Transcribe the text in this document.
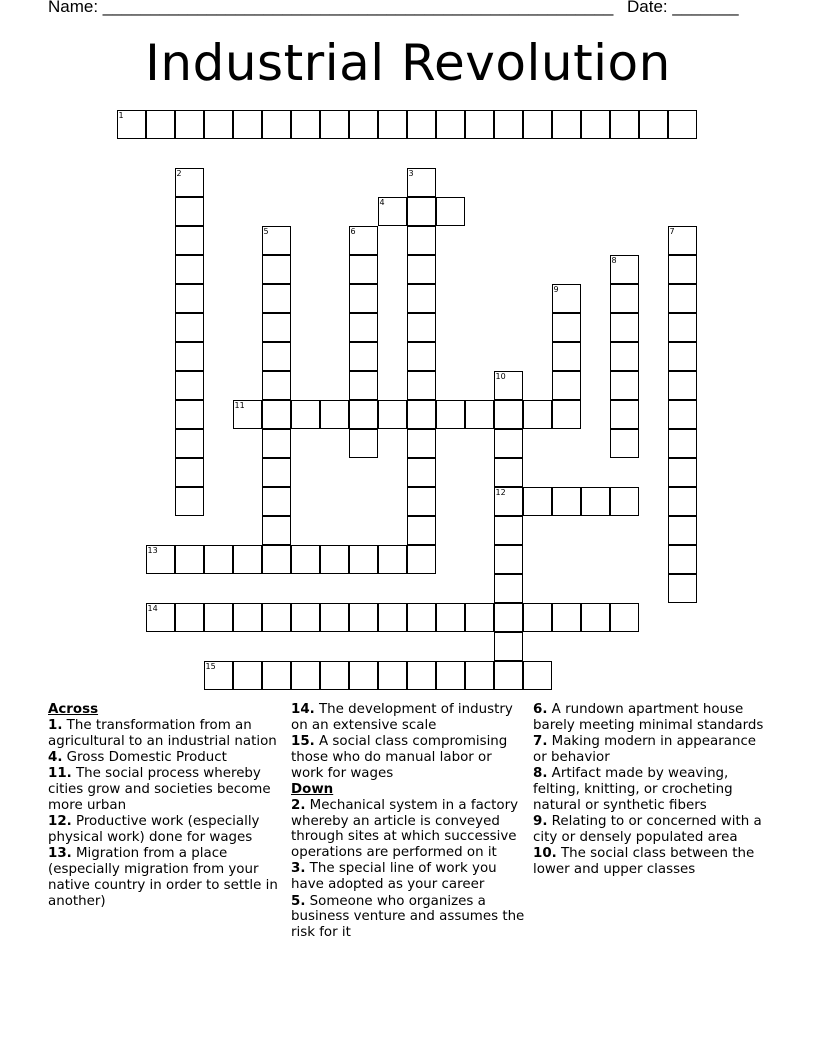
Name: ______________________________________________________ Date: _______
Industrial Revolution
1
2	3
4
5	6	7
8
9
10
12
11
13
14
15
Across
1. The transformation from an agricultural to an industrial nation
4. Gross Domestic Product
11. The social process whereby cities grow and societies become more urban
12. Productive work (especially physical work) done for wages
13. Migration from a place (especially migration from your native country in order to settle in another)
14. The development of industry on an extensive scale
15. A social class compromising those who do manual labor or work for wages
Down
2. Mechanical system in a factory whereby an article is conveyed through sites at which successive operations are performed on it
3. The special line of work you have adopted as your career
5. Someone who organizes a business venture and assumes the risk for it
6. A rundown apartment house barely meeting minimal standards
7. Making modern in appearance or behavior
8. Artifact made by weaving, felting, knitting, or crocheting natural or synthetic fibers
9. Relating to or concerned with a city or densely populated area
10. The social class between the lower and upper classes
